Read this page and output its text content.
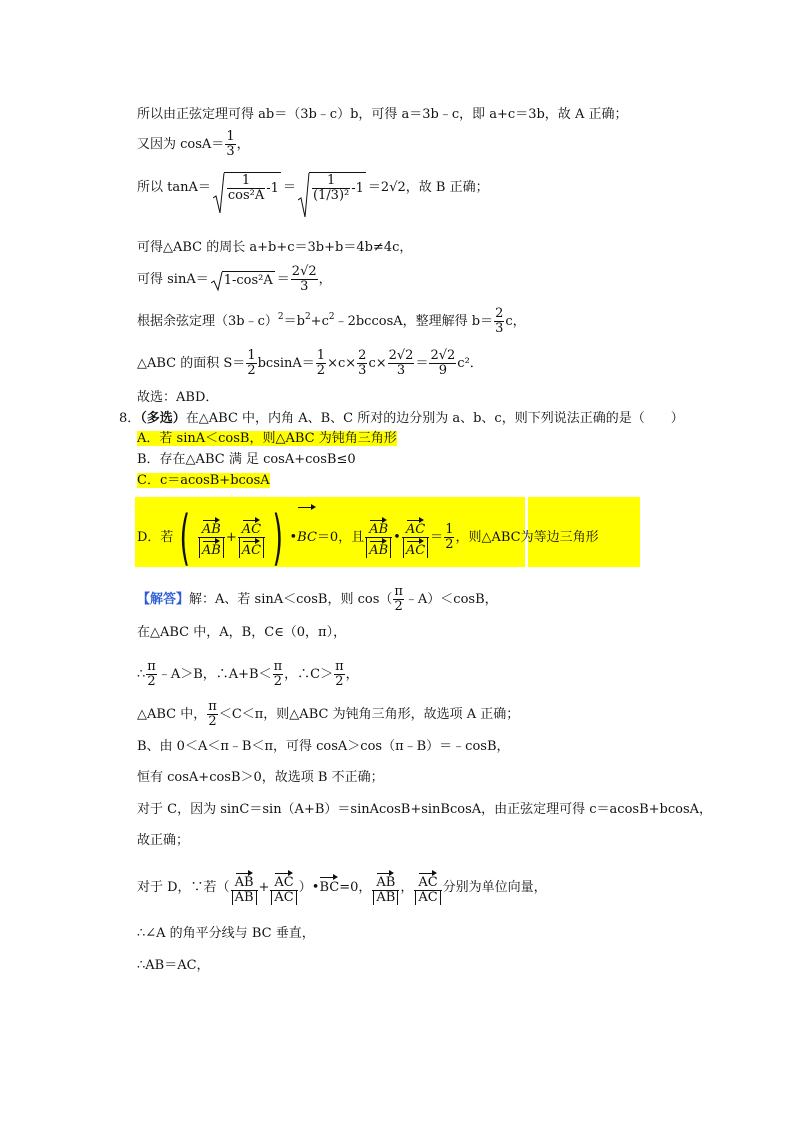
所以由正弦定理可得 ab＝（3b﹣c）b，可得 a＝3b﹣c，即 a+c＝3b，故 A 正确；
又因为 $\cos A= \frac{1}{3}$ ，
所以 $\tan A= \frac{1}{\text{cos²A}} -1 = \frac{1}{\text{(1/3)²}} -1 =2√2$，故 B 正确；
可得△ABC 的周长 a+b+c＝3b+b＝4b≠4c，
可得 $\sin A= 1-\cos^2A = \frac{2√2}{3}$ ，
根据余弦定理$(3b﹣c)^2=b^2+c^2﹣2bccosA$，整理解得 $b= \frac{2}{3}$ c，
△ABC 的面积 $S= \frac{1}{2} bcsinA= \frac{1}{2} \times c\times \frac{2}{3} c\times \frac{2√2}{3} = \frac{2√2}{9} c^2$．
故选：ABD．
8．（多选）在△ABC 中，内角 A、B、C 所对的边分别为 a、b、c，则下列说法正确的是（　　）
A．若 sinA＜cosB，则△ABC 为钝角三角形
B．存在△ABC 满 足 cosA+cosB≤0
C．c＝acosB+bcosA
D．若 ( $\frac{AB}{AB} + \frac{AC}{AC}$ ) •BC＝0，且 $\frac{AB}{AB}$ • $\frac{AC}{AC} = \frac{1}{2}$ ，则△ABC为等边三角形
【解答】解：A、若 sinA＜cosB，则 $\cos( \frac{\pi}{2}$ ﹣A）＜cosB，
在△ABC 中，A，B，C∈（0，π），
∴ $\frac{\pi}{2}$ ﹣A＞B，∴A+B＜ $\frac{\pi}{2}$ ，∴C＞ $\frac{\pi}{2}$ ，
△ABC 中， $\frac{\pi}{2} <C<\pi$，则△ABC 为钝角三角形，故选项 A 正确；
B、由 0＜A＜π﹣B＜π，可得 cosA＞cos（π﹣B）＝﹣cosB，
恒有 cosA+cosB＞0，故选项 B 不正确；
对于 C，因为 sinC＝sin（A+B）＝sinAcosB+sinBcosA，由正弦定理可得 c＝acosB+bcosA，
故正确；
对于 D，∵若（ $\frac{AB}{AB} + \frac{AC}{AC}$ ）•BC=0， $\frac{AB}{AB}$ ， $\frac{AC}{AC}$ 分别为单位向量，
∴∠A 的角平分线与 BC 垂直，
∴AB＝AC，
